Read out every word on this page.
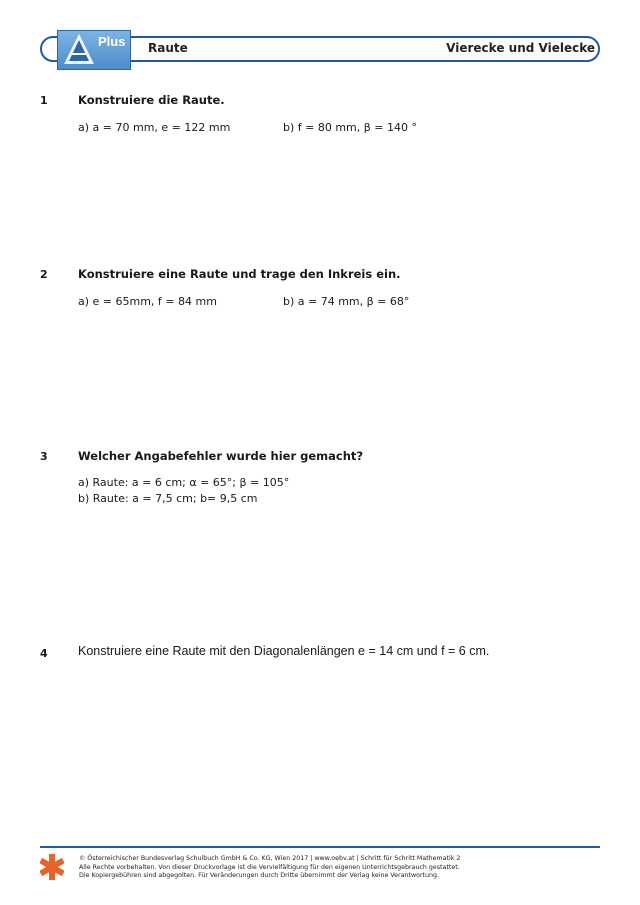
Plus Raute	Vierecke und Vielecke
1	Konstruiere die Raute.
a) a = 70 mm, e = 122 mm	b) f = 80 mm, β = 140 °
2	Konstruiere eine Raute und trage den Inkreis ein.
a) e = 65mm, f = 84 mm	b) a = 74 mm, β = 68°
3	Welcher Angabefehler wurde hier gemacht?
a) Raute: a = 6 cm; α = 65°; β = 105°
b) Raute: a = 7,5 cm; b= 9,5 cm
4 Konstruiere eine Raute mit den Diagonalenlängen e = 14 cm und f = 6 cm.
© Österreichischer Bundesverlag Schulbuch GmbH & Co. KG, Wien 2017 | www.oebv.at | Schritt für Schritt Mathematik 2
Alle Rechte vorbehalten. Von dieser Druckvorlage ist die Vervielfältigung für den eigenen Unterrichtsgebrauch gestattet.
Die Kopiergebühren sind abgegolten. Für Veränderungen durch Dritte übernimmt der Verlag keine Verantwortung.
